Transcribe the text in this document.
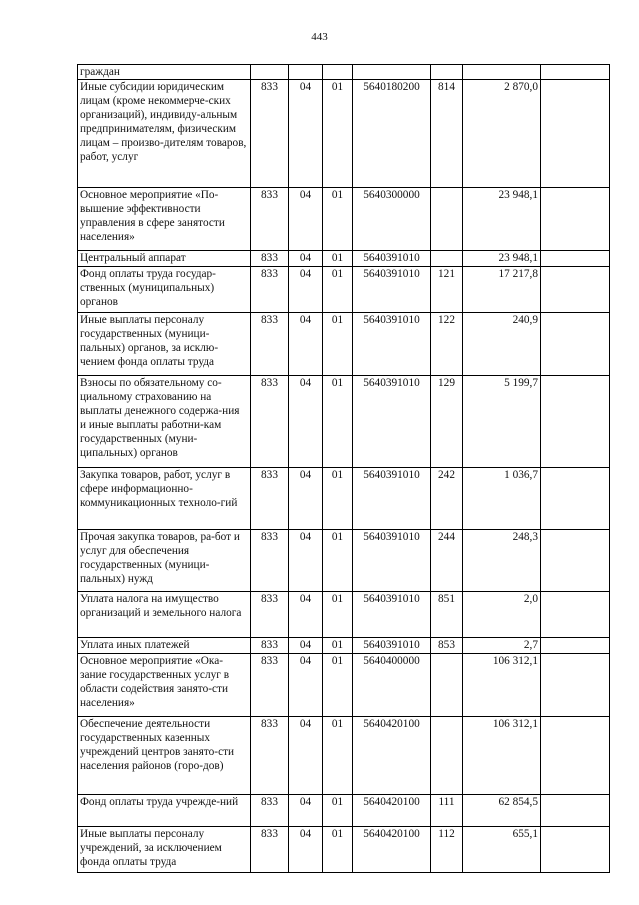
443
граждан							
Иные субсидии юридическим лицам (кроме некоммерче-ских организаций), индивиду-альным предпринимателям, физическим лицам – произво-дителям товаров, работ, услуг	833	04	01	5640180200	814	2 870,0	
Основное мероприятие «По-вышение эффективности управления в сфере занятости населения»	833	04	01	5640300000		23 948,1	
Центральный аппарат	833	04	01	5640391010		23 948,1	
Фонд оплаты труда государ-ственных (муниципальных) органов	833	04	01	5640391010	121	17 217,8	
Иные выплаты персоналу государственных (муници-пальных) органов, за исклю-чением фонда оплаты труда	833	04	01	5640391010	122	240,9	
Взносы по обязательному со-циальному страхованию на выплаты денежного содержа-ния и иные выплаты работни-кам государственных (муни-ципальных) органов	833	04	01	5640391010	129	5 199,7	
Закупка товаров, работ, услуг в сфере информационно-коммуникационных техноло-гий	833	04	01	5640391010	242	1 036,7	
Прочая закупка товаров, ра-бот и услуг для обеспечения государственных (муници-пальных) нужд	833	04	01	5640391010	244	248,3	
Уплата налога на имущество организаций и земельного налога	833	04	01	5640391010	851	2,0	
Уплата иных платежей	833	04	01	5640391010	853	2,7	
Основное мероприятие «Ока-зание государственных услуг в области содействия занято-сти населения»	833	04	01	5640400000		106 312,1	
Обеспечение деятельности государственных казенных учреждений центров занято-сти населения районов (горо-дов)	833	04	01	5640420100		106 312,1	
Фонд оплаты труда учрежде-ний	833	04	01	5640420100	111	62 854,5	
Иные выплаты персоналу учреждений, за исключением фонда оплаты труда	833	04	01	5640420100	112	655,1	
